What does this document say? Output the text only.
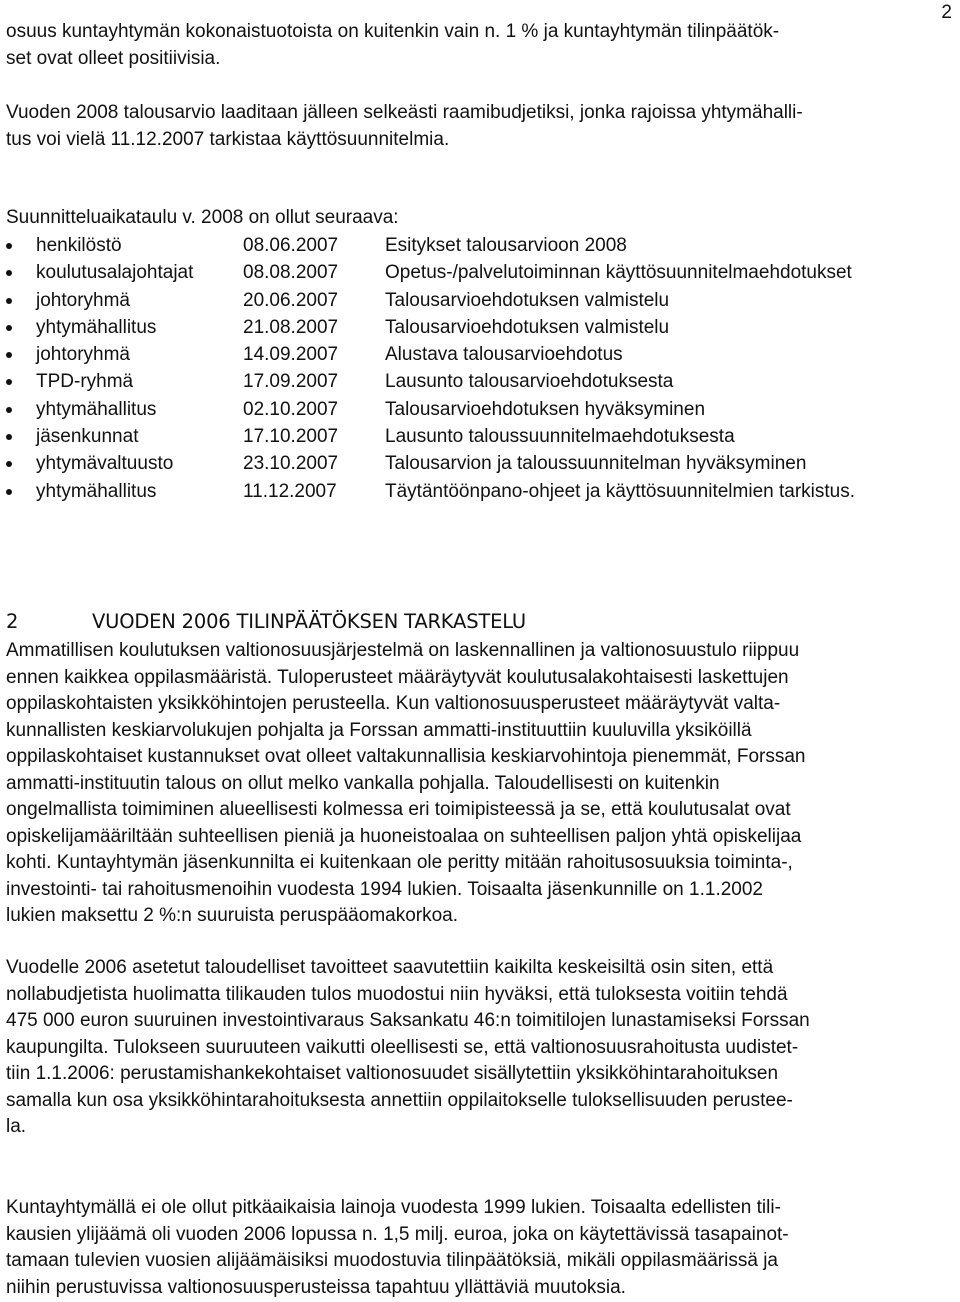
2
osuus kuntayhtymän kokonaistuotoista on kuitenkin vain n. 1 % ja kuntayhtymän tilinpäätök-
set ovat olleet positiivisia.
Vuoden 2008 talousarvio laaditaan jälleen selkeästi raamibudjetiksi, jonka rajoissa yhtymähalli-
tus voi vielä 11.12.2007 tarkistaa käyttösuunnitelmia.
Suunnitteluaikataulu v. 2008 on ollut seuraava:
henkilöstö	08.06.2007 Esitykset talousarvioon 2008
koulutusalajohtajat	08.08.2007 Opetus-/palvelutoiminnan käyttösuunnitelmaehdotukset
johtoryhmä	20.06.2007 Talousarvioehdotuksen valmistelu
yhtymähallitus	21.08.2007 Talousarvioehdotuksen valmistelu
johtoryhmä	14.09.2007 Alustava talousarvioehdotus
TPD-ryhmä	17.09.2007 Lausunto talousarvioehdotuksesta
yhtymähallitus	02.10.2007 Talousarvioehdotuksen hyväksyminen
jäsenkunnat	17.10.2007 Lausunto taloussuunnitelmaehdotuksesta
yhtymävaltuusto	23.10.2007 Talousarvion ja taloussuunnitelman hyväksyminen
yhtymähallitus	11.12.2007	Täytäntöönpano-ohjeet ja käyttösuunnitelmien tarkistus.
2	VUODEN 2006 TILINPÄÄTÖKSEN TARKASTELU
Ammatillisen koulutuksen valtionosuusjärjestelmä on laskennallinen ja valtionosuustulo riippuu
ennen kaikkea oppilasmääristä. Tuloperusteet määräytyvät koulutusalakohtaisesti laskettujen
oppilaskohtaisten yksikköhintojen perusteella. Kun valtionosuusperusteet määräytyvät valta-
kunnallisten keskiarvolukujen pohjalta ja Forssan ammatti-instituuttiin kuuluvilla yksiköillä
oppilaskohtaiset kustannukset ovat olleet valtakunnallisia keskiarvohintoja pienemmät, Forssan
ammatti-instituutin talous on ollut melko vankalla pohjalla. Taloudellisesti on kuitenkin
ongelmallista toimiminen alueellisesti kolmessa eri toimipisteessä ja se, että koulutusalat ovat
opiskelijamääriltään suhteellisen pieniä ja huoneistoalaa on suhteellisen paljon yhtä opiskelijaa
kohti. Kuntayhtymän jäsenkunnilta ei kuitenkaan ole peritty mitään rahoitusosuuksia toiminta-,
investointi- tai rahoitusmenoihin vuodesta 1994 lukien. Toisaalta jäsenkunnille on 1.1.2002
lukien maksettu 2 %:n suuruista peruspääomakorkoa.
Vuodelle 2006 asetetut taloudelliset tavoitteet saavutettiin kaikilta keskeisiltä osin siten, että
nollabudjetista huolimatta tilikauden tulos muodostui niin hyväksi, että tuloksesta voitiin tehdä
475 000 euron suuruinen investointivaraus Saksankatu 46:n toimitilojen lunastamiseksi Forssan
kaupungilta. Tulokseen suuruuteen vaikutti oleellisesti se, että valtionosuusrahoitusta uudistet-
tiin 1.1.2006: perustamishankekohtaiset valtionosuudet sisällytettiin yksikköhintarahoituksen
samalla kun osa yksikköhintarahoituksesta annettiin oppilaitokselle tuloksellisuuden perustee-
la.
Kuntayhtymällä ei ole ollut pitkäaikaisia lainoja vuodesta 1999 lukien. Toisaalta edellisten tili-
kausien ylijäämä oli vuoden 2006 lopussa n. 1,5 milj. euroa, joka on käytettävissä tasapainot-
tamaan tulevien vuosien alijäämäisiksi muodostuvia tilinpäätöksiä, mikäli oppilasmäärissä ja
niihin perustuvissa valtionosuusperusteissa tapahtuu yllättäviä muutoksia.
